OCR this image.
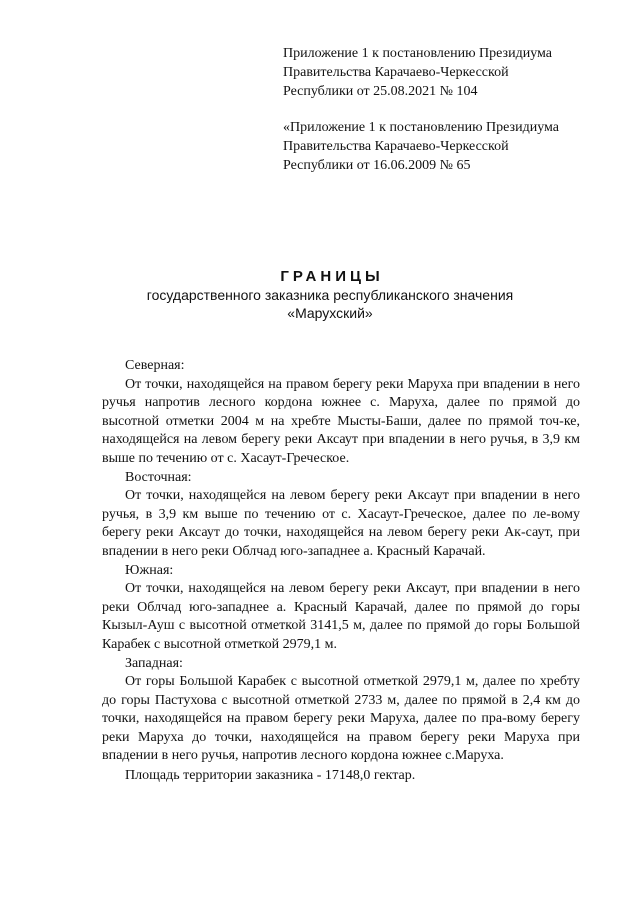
Приложение 1 к постановлению Президиума
Правительства Карачаево-Черкесской
Республики от 25.08.2021 № 104
«Приложение 1 к постановлению Президиума
Правительства Карачаево-Черкесской
Республики от 16.06.2009 № 65
ГРАНИЦЫ
государственного заказника республиканского значения
«Марухский»
Северная:
От точки, находящейся на правом берегу реки Маруха при впадении в него ручья напротив лесного кордона южнее с. Маруха, далее по прямой до высотной отметки 2004 м на хребте Мысты-Баши, далее по прямой точ-ке, находящейся на левом берегу реки Аксаут при впадении в него ручья, в 3,9 км выше по течению от с. Хасаут-Греческое.
Восточная:
От точки, находящейся на левом берегу реки Аксаут при впадении в него ручья, в 3,9 км выше по течению от с. Хасаут-Греческое, далее по ле-вому берегу реки Аксаут до точки, находящейся на левом берегу реки Ак-саут, при впадении в него реки Облчад юго-западнее а. Красный Карачай.
Южная:
От точки, находящейся на левом берегу реки Аксаут, при впадении в него реки Облчад юго-западнее а. Красный Карачай, далее по прямой до горы Кызыл-Ауш с высотной отметкой 3141,5 м, далее по прямой до горы Большой Карабек с высотной отметкой 2979,1 м.
Западная:
От горы Большой Карабек с высотной отметкой 2979,1 м, далее по хребту до горы Пастухова с высотной отметкой 2733 м, далее по прямой в 2,4 км до точки, находящейся на правом берегу реки Маруха, далее по пра-вому берегу реки Маруха до точки, находящейся на правом берегу реки Маруха при впадении в него ручья, напротив лесного кордона южнее с.Маруха.
Площадь территории заказника - 17148,0 гектар.
